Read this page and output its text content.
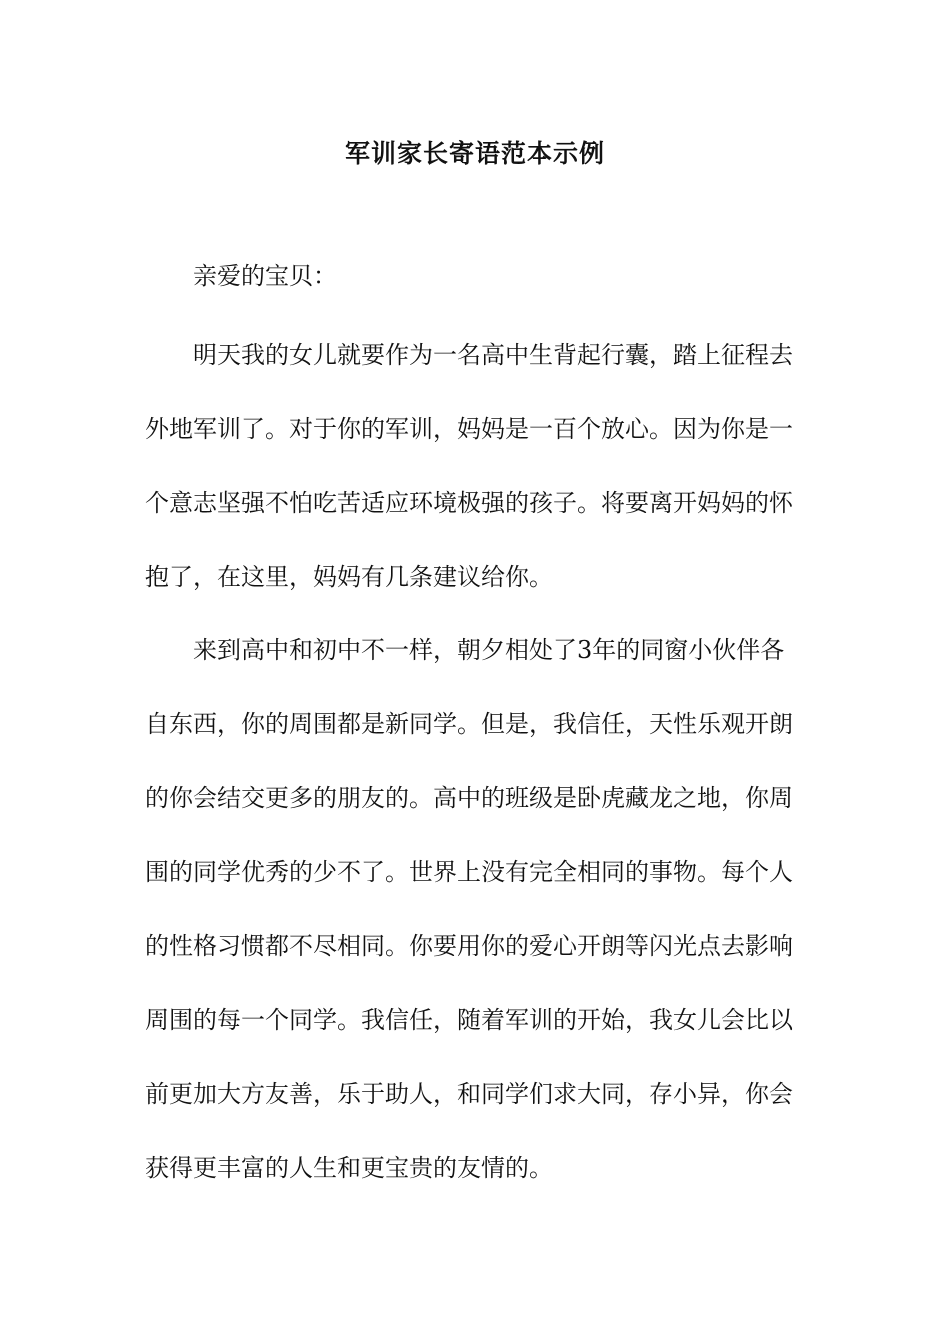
军训家长寄语范本示例
亲爱的宝贝：
明天我的女儿就要作为一名高中生背起行囊，踏上征程去
外地军训了。对于你的军训，妈妈是一百个放心。因为你是一
个意志坚强不怕吃苦适应环境极强的孩子。将要离开妈妈的怀
抱了，在这里，妈妈有几条建议给你。
来到高中和初中不一样，朝夕相处了3年的同窗小伙伴各
自东西，你的周围都是新同学。但是，我信任，天性乐观开朗
的你会结交更多的朋友的。高中的班级是卧虎藏龙之地，你周
围的同学优秀的少不了。世界上没有完全相同的事物。每个人
的性格习惯都不尽相同。你要用你的爱心开朗等闪光点去影响
周围的每一个同学。我信任，随着军训的开始，我女儿会比以
前更加大方友善，乐于助人，和同学们求大同，存小异，你会
获得更丰富的人生和更宝贵的友情的。
